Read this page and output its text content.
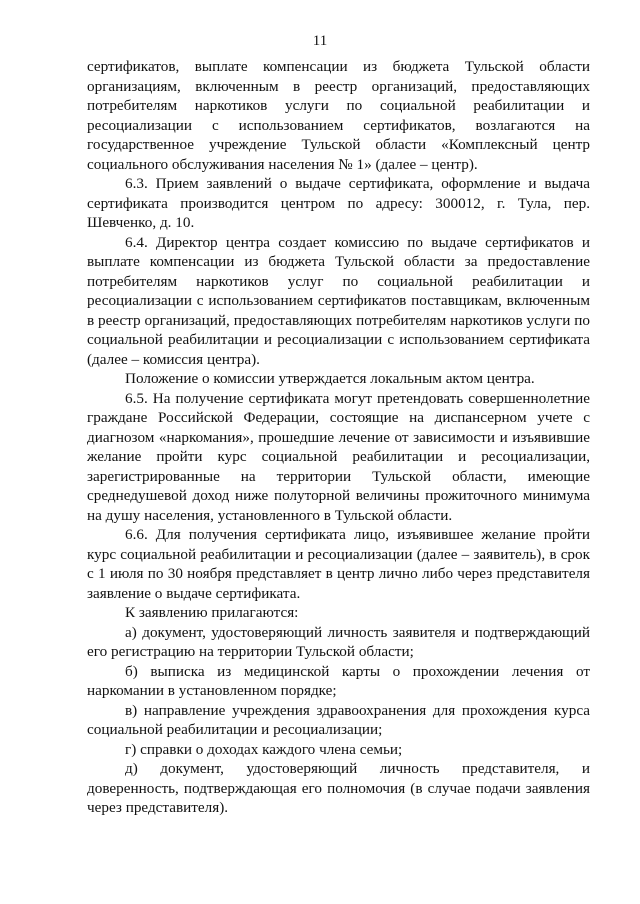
11

сертификатов, выплате компенсации из бюджета Тульской области организациям, включенным в реестр организаций, предоставляющих потребителям наркотиков услуги по социальной реабилитации и ресоциализации с использованием сертификатов, возлагаются на государственное учреждение Тульской области «Комплексный центр социального обслуживания населения № 1» (далее – центр).

6.3. Прием заявлений о выдаче сертификата, оформление и выдача сертификата производится центром по адресу: 300012, г. Тула, пер. Шевченко, д. 10.

6.4. Директор центра создает комиссию по выдаче сертификатов и выплате компенсации из бюджета Тульской области за предоставление потребителям наркотиков услуг по социальной реабилитации и ресоциализации с использованием сертификатов поставщикам, включенным в реестр организаций, предоставляющих потребителям наркотиков услуги по социальной реабилитации и ресоциализации с использованием сертификата (далее – комиссия центра).

Положение о комиссии утверждается локальным актом центра.

6.5. На получение сертификата могут претендовать совершеннолетние граждане Российской Федерации, состоящие на диспансерном учете с диагнозом «наркомания», прошедшие лечение от зависимости и изъявившие желание пройти курс социальной реабилитации и ресоциализации, зарегистрированные на территории Тульской области, имеющие среднедушевой доход ниже полуторной величины прожиточного минимума на душу населения, установленного в Тульской области.

6.6. Для получения сертификата лицо, изъявившее желание пройти курс социальной реабилитации и ресоциализации (далее – заявитель), в срок с 1 июля по 30 ноября представляет в центр лично либо через представителя заявление о выдаче сертификата.

К заявлению прилагаются:

а) документ, удостоверяющий личность заявителя и подтверждающий его регистрацию на территории Тульской области;

б) выписка из медицинской карты о прохождении лечения от наркомании в установленном порядке;

в) направление учреждения здравоохранения для прохождения курса социальной реабилитации и ресоциализации;

г) справки о доходах каждого члена семьи;

д) документ, удостоверяющий личность представителя, и доверенность, подтверждающая его полномочия (в случае подачи заявления через представителя).
